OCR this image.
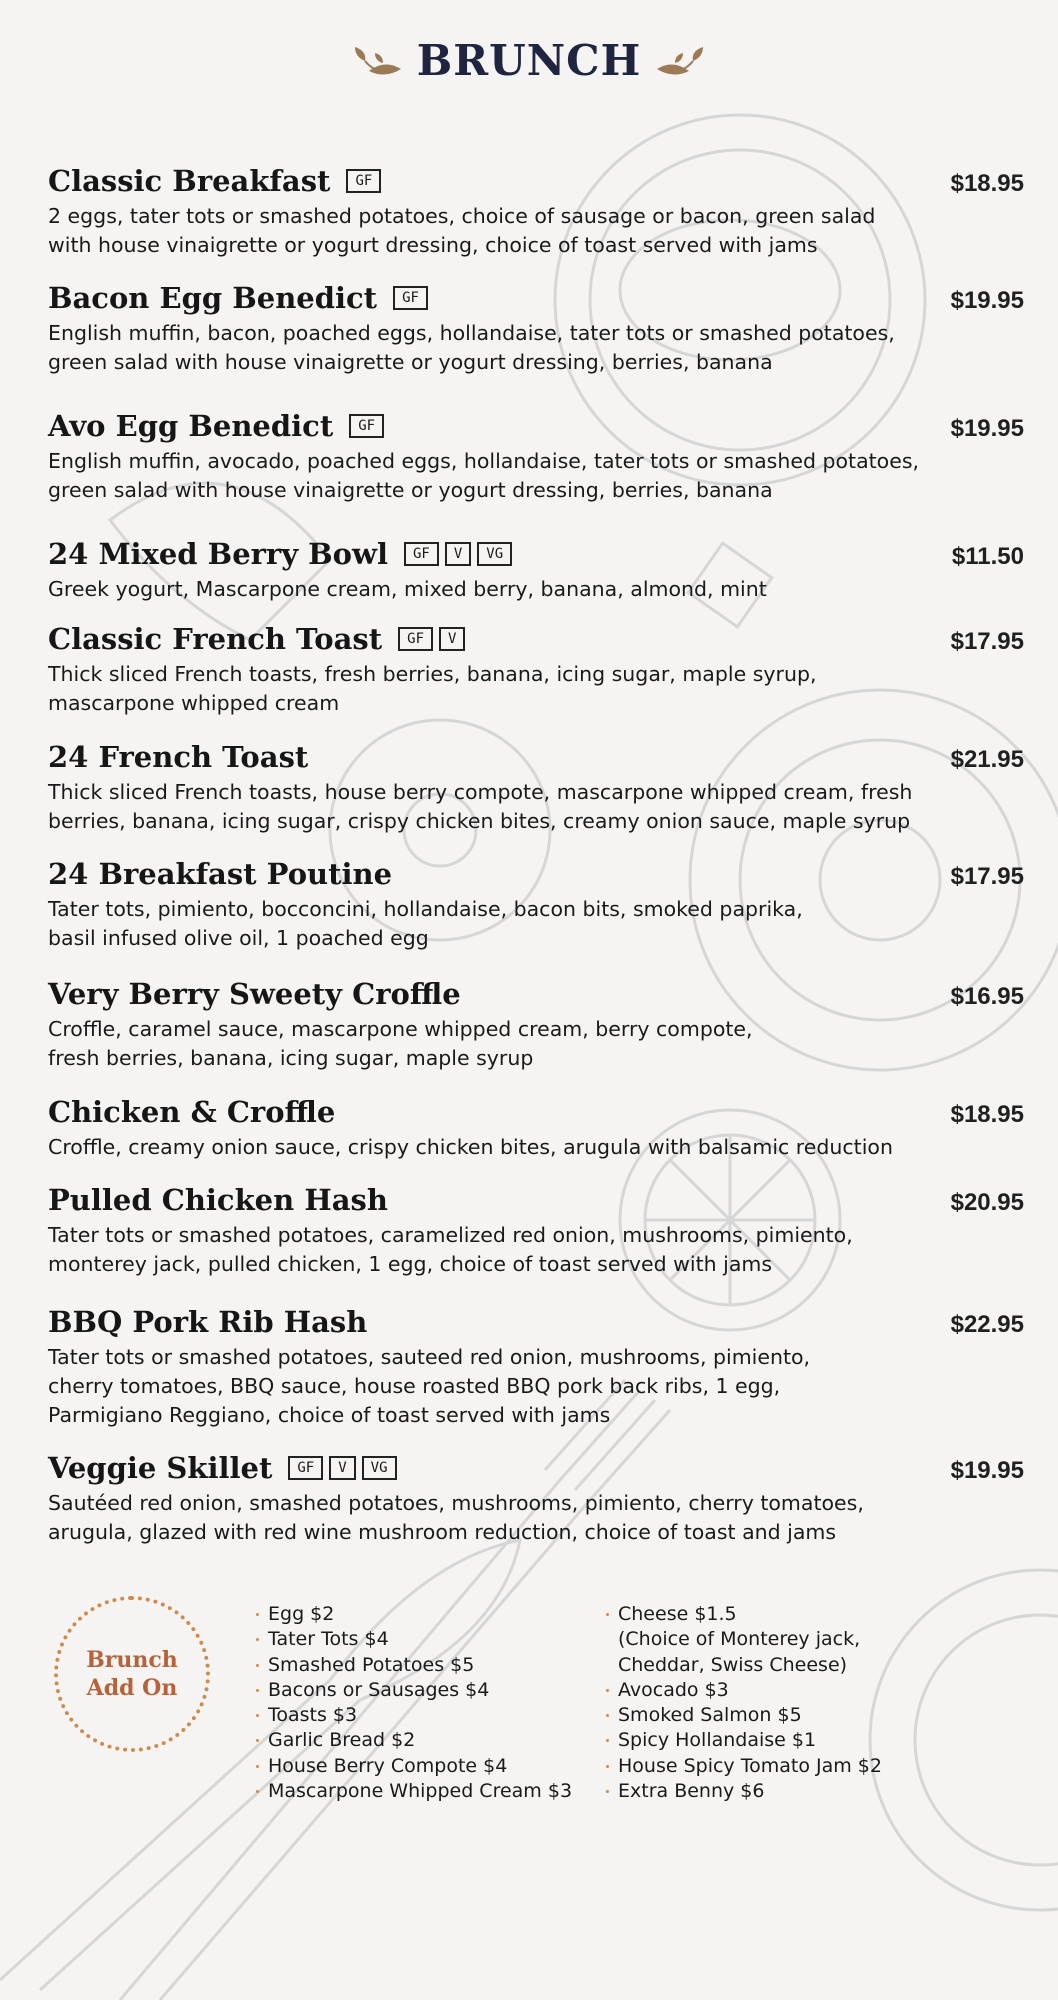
BRUNCH
Classic Breakfast	GF	$18.95
2 eggs, tater tots or smashed potatoes, choice of sausage or bacon, green salad
with house vinaigrette or yogurt dressing, choice of toast served with jams
Bacon Egg Benedict	GF	$19.95
English muffin, bacon, poached eggs, hollandaise, tater tots or smashed potatoes,
green salad with house vinaigrette or yogurt dressing, berries, banana
Avo Egg Benedict	GF	$19.95
English muffin, avocado, poached eggs, hollandaise, tater tots or smashed potatoes,
green salad with house vinaigrette or yogurt dressing, berries, banana
24 Mixed Berry Bowl	GF	V	VG	$11.50
Greek yogurt, Mascarpone cream, mixed berry, banana, almond, mint
Classic French Toast	GF	V	$17.95
Thick sliced French toasts, fresh berries, banana, icing sugar, maple syrup,
mascarpone whipped cream
24 French Toast	$21.95
Thick sliced French toasts, house berry compote, mascarpone whipped cream, fresh
berries, banana, icing sugar, crispy chicken bites, creamy onion sauce, maple syrup
24 Breakfast Poutine	$17.95
Tater tots, pimiento, bocconcini, hollandaise, bacon bits, smoked paprika,
basil infused olive oil, 1 poached egg
Very Berry Sweety Croffle	$16.95
Croffle, caramel sauce, mascarpone whipped cream, berry compote,
fresh berries, banana, icing sugar, maple syrup
Chicken & Croffle	$18.95
Croffle, creamy onion sauce, crispy chicken bites, arugula with balsamic reduction
Pulled Chicken Hash	$20.95
Tater tots or smashed potatoes, caramelized red onion, mushrooms, pimiento,
monterey jack, pulled chicken, 1 egg, choice of toast served with jams
BBQ Pork Rib Hash	$22.95
Tater tots or smashed potatoes, sauteed red onion, mushrooms, pimiento,
cherry tomatoes, BBQ sauce, house roasted BBQ pork back ribs, 1 egg,
Parmigiano Reggiano, choice of toast served with jams
Veggie Skillet	GF	V	VG	$19.95
Sautéed red onion, smashed potatoes, mushrooms, pimiento, cherry tomatoes,
arugula, glazed with red wine mushroom reduction, choice of toast and jams
Brunch
Add On
Egg $2
Tater Tots $4
Smashed Potatoes $5
Bacons or Sausages $4
Toasts $3
Garlic Bread $2
House Berry Compote $4
Mascarpone Whipped Cream $3
Cheese $1.5
(Choice of Monterey jack,
Cheddar, Swiss Cheese)
Avocado $3
Smoked Salmon $5
Spicy Hollandaise $1
House Spicy Tomato Jam $2
Extra Benny $6
